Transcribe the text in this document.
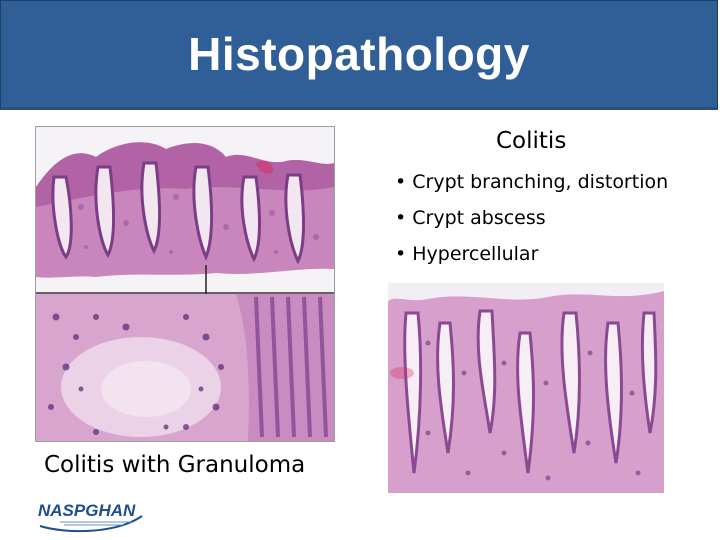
Histopathology
Colitis with Granuloma
Colitis
• Crypt branching, distortion
• Crypt abscess
• Hypercellular
NASPGHAN
